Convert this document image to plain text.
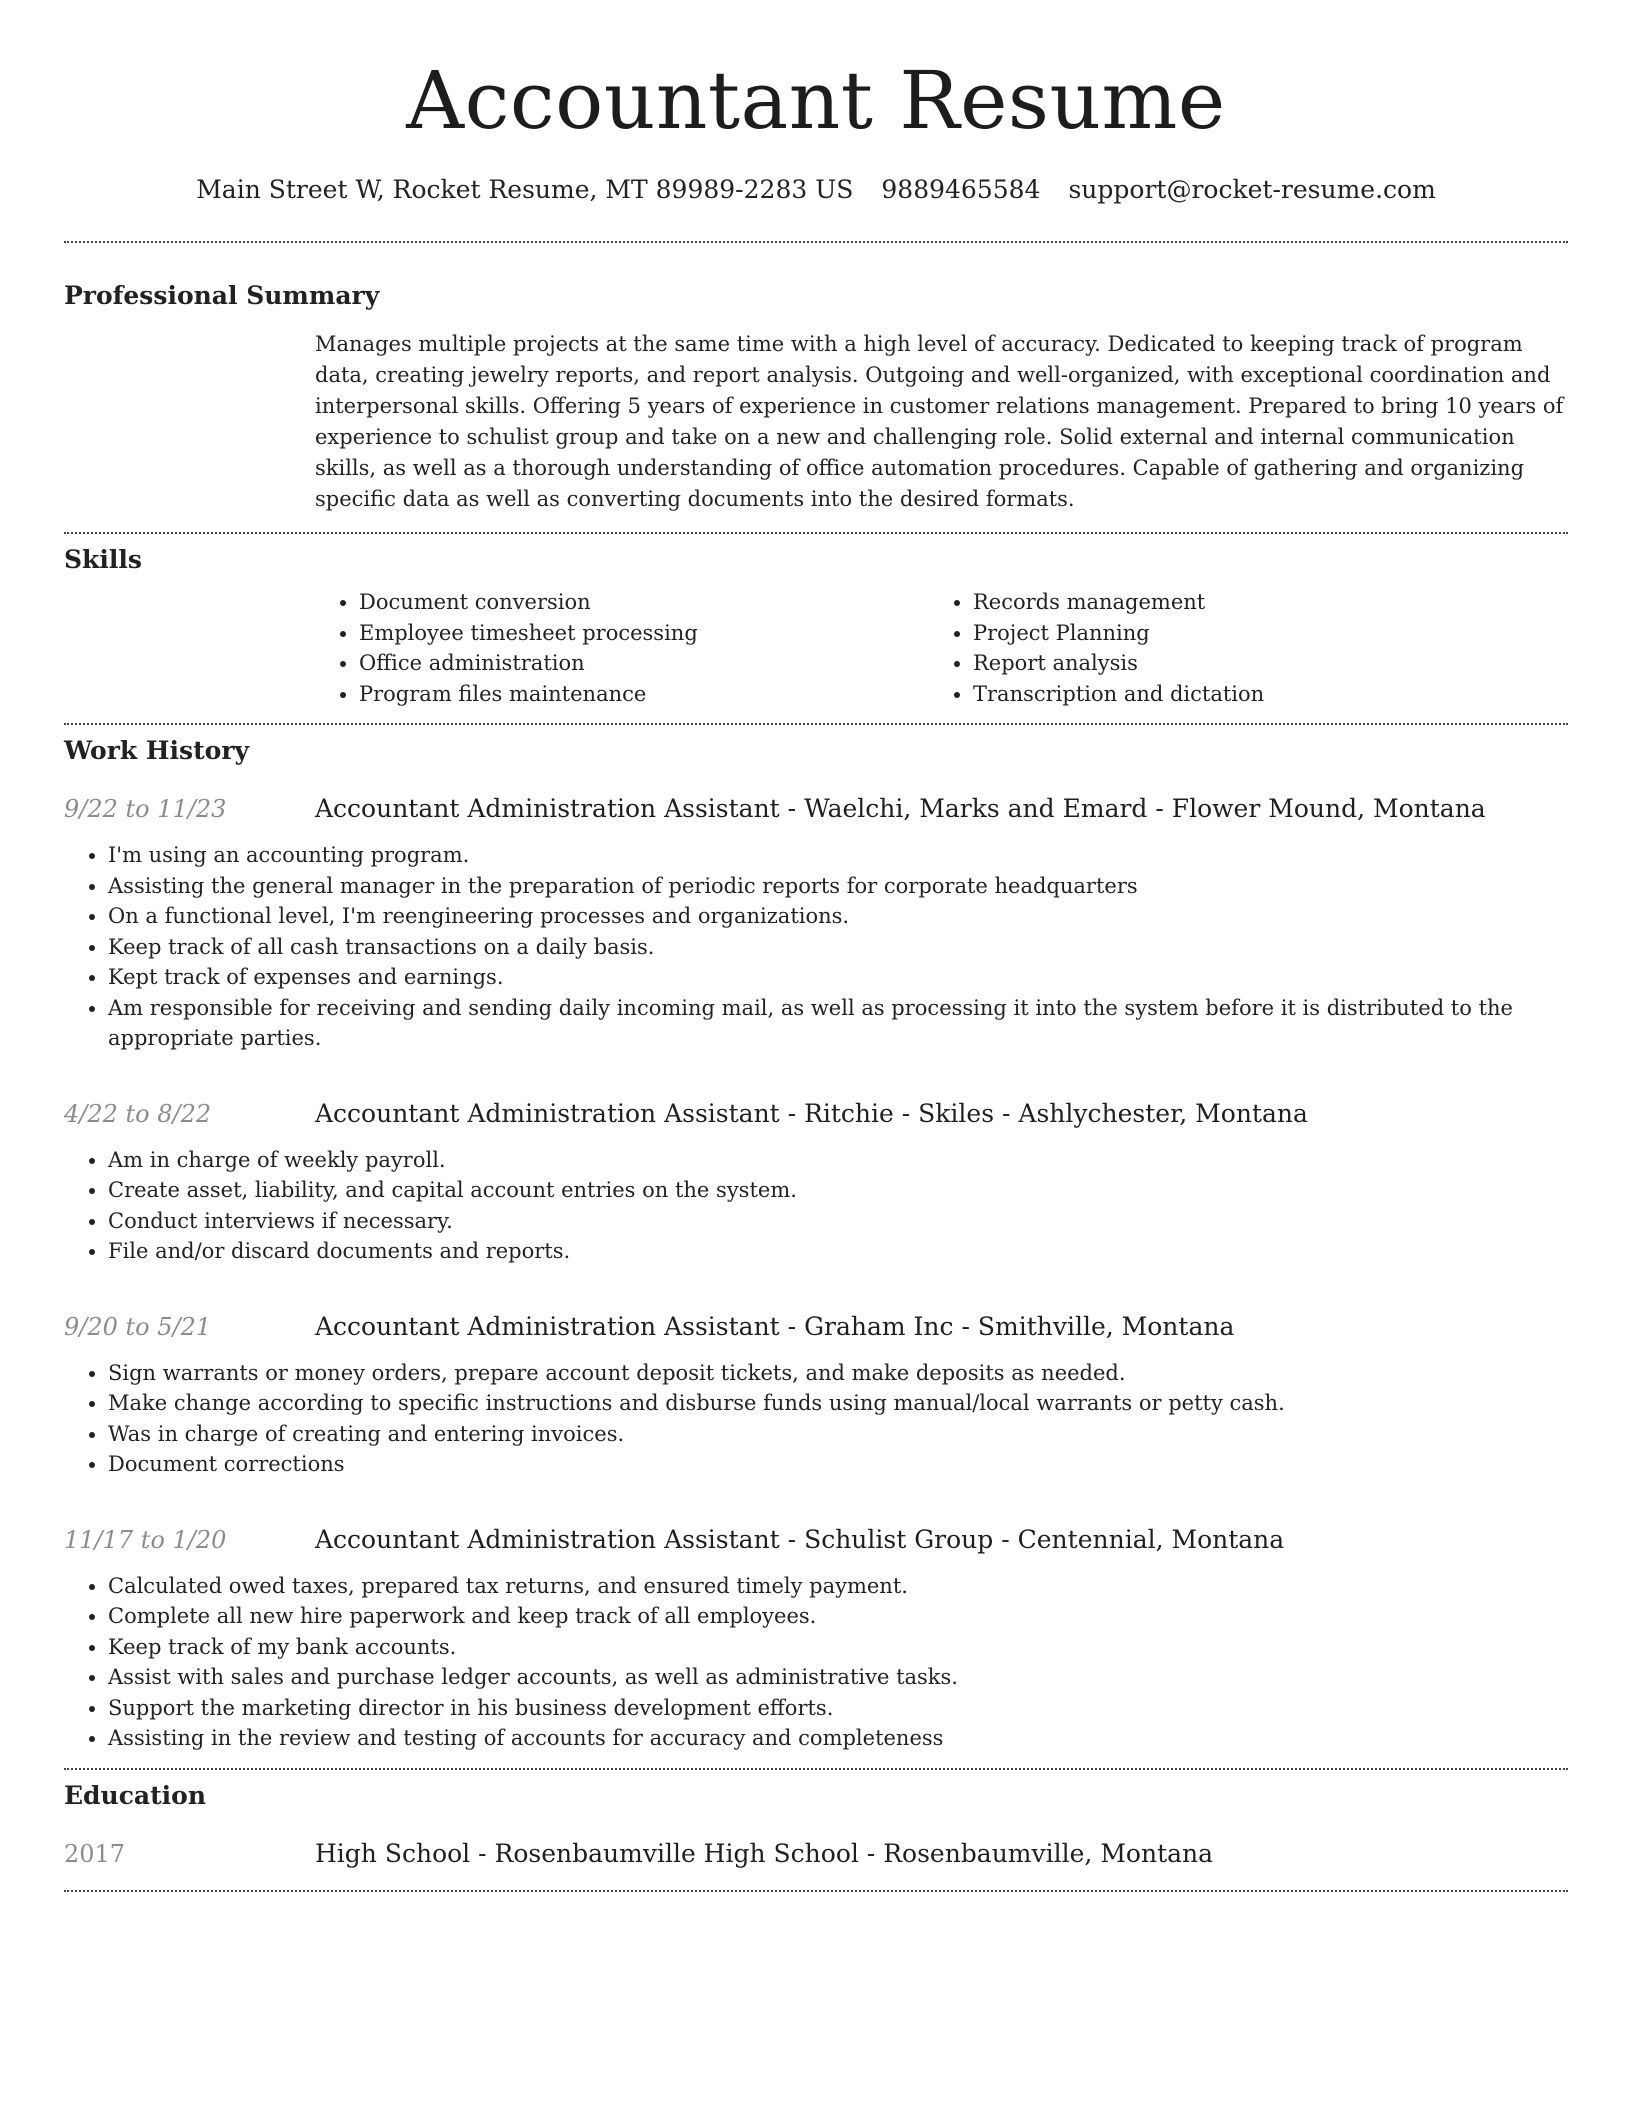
Accountant Resume
Main Street W, Rocket Resume, MT 89989-2283 US 9889465584 support@rocket-resume.com
Professional Summary
Manages multiple projects at the same time with a high level of accuracy. Dedicated to keeping track of program data, creating jewelry reports, and report analysis. Outgoing and well-organized, with exceptional coordination and interpersonal skills. Offering 5 years of experience in customer relations management. Prepared to bring 10 years of experience to schulist group and take on a new and challenging role. Solid external and internal communication skills, as well as a thorough understanding of office automation procedures. Capable of gathering and organizing specific data as well as converting documents into the desired formats.
Skills
• Document conversion
• Employee timesheet processing
• Office administration
• Program files maintenance
• Records management
• Project Planning
• Report analysis
• Transcription and dictation
Work History
9/22 to 11/23	Accountant Administration Assistant - Waelchi, Marks and Emard - Flower Mound, Montana
• I'm using an accounting program.
• Assisting the general manager in the preparation of periodic reports for corporate headquarters
• On a functional level, I'm reengineering processes and organizations.
• Keep track of all cash transactions on a daily basis.
• Kept track of expenses and earnings.
• Am responsible for receiving and sending daily incoming mail, as well as processing it into the system before it is distributed to the appropriate parties.
4/22 to 8/22	Accountant Administration Assistant - Ritchie - Skiles - Ashlychester, Montana
• Am in charge of weekly payroll.
• Create asset, liability, and capital account entries on the system.
• Conduct interviews if necessary.
• File and/or discard documents and reports.
9/20 to 5/21	Accountant Administration Assistant - Graham Inc - Smithville, Montana
• Sign warrants or money orders, prepare account deposit tickets, and make deposits as needed.
• Make change according to specific instructions and disburse funds using manual/local warrants or petty cash.
• Was in charge of creating and entering invoices.
• Document corrections
11/17 to 1/20	Accountant Administration Assistant - Schulist Group - Centennial, Montana
• Calculated owed taxes, prepared tax returns, and ensured timely payment.
• Complete all new hire paperwork and keep track of all employees.
• Keep track of my bank accounts.
• Assist with sales and purchase ledger accounts, as well as administrative tasks.
• Support the marketing director in his business development efforts.
• Assisting in the review and testing of accounts for accuracy and completeness
Education
2017	High School - Rosenbaumville High School - Rosenbaumville, Montana
